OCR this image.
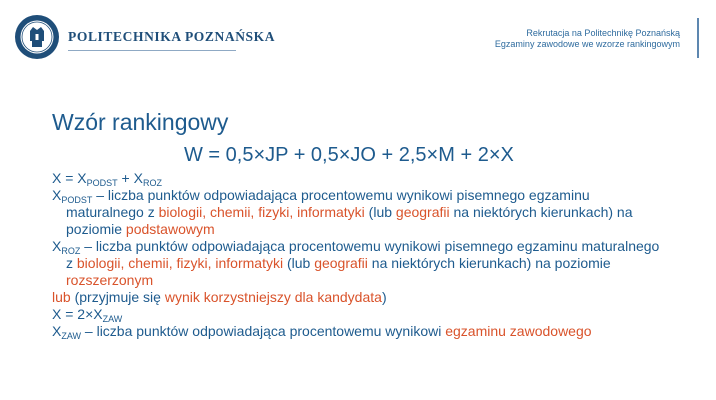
POLITECHNIKA POZNAŃSKA	Rekrutacja na Politechnikę Poznańską
Egzaminy zawodowe we wzorze rankingowym
Wzór rankingowy
W = 0,5×JP + 0,5×JO + 2,5×M + 2×X

$X = X_{PODST} + X_{ROZ}$

$X_{PODST}$ – liczba punktów odpowiadająca procentowemu wynikowi pisemnego egzaminu maturalnego z biologii, chemii, fizyki, informatyki (lub geografii na niektórych kierunkach) na poziomie podstawowym

$X_{ROZ}$ – liczba punktów odpowiadająca procentowemu wynikowi pisemnego egzaminu maturalnego z biologii, chemii, fizyki, informatyki (lub geografii na niektórych kierunkach) na poziomie rozszerzonym

lub (przyjmuje się wynik korzystniejszy dla kandydata)

$X = 2\times X_{ZAW}$

$X_{ZAW}$ – liczba punktów odpowiadająca procentowemu wynikowi egzaminu zawodowego
